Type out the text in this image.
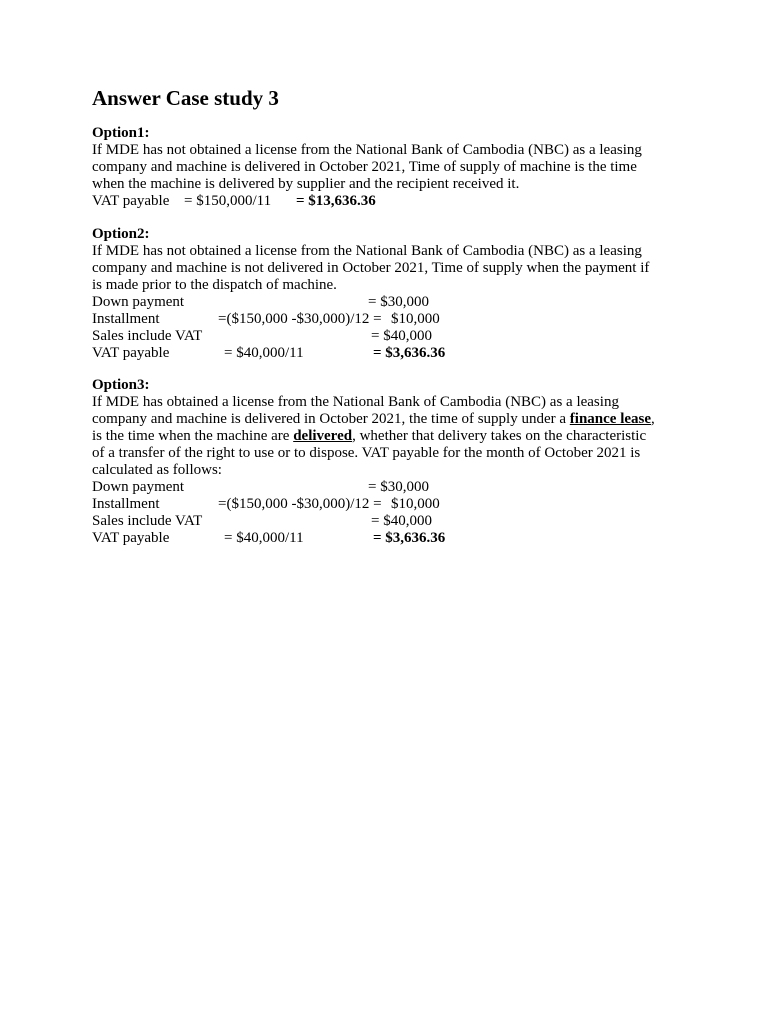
Answer Case study 3

Option1:

If MDE has not obtained a license from the National Bank of Cambodia (NBC) as a leasing

company and machine is delivered in October 2021, Time of supply of machine is the time

when the machine is delivered by supplier and the recipient received it.

VAT payable = $150,000/11 = $13,636.36

Option2:

If MDE has not obtained a license from the National Bank of Cambodia (NBC) as a leasing

company and machine is not delivered in October 2021, Time of supply when the payment if

is made prior to the dispatch of machine.

Down payment	= $30,000
Installment	=($150,000 -$30,000)/12 = $10,000
Sales include VAT	= $40,000
VAT payable	= $40,000/11	= $3,636.36

Option3:

If MDE has obtained a license from the National Bank of Cambodia (NBC) as a leasing

company and machine is delivered in October 2021, the time of supply under a finance lease,

is the time when the machine are delivered, whether that delivery takes on the characteristic

of a transfer of the right to use or to dispose. VAT payable for the month of October 2021 is

calculated as follows:

Down payment	= $30,000
Installment	=($150,000 -$30,000)/12 = $10,000
Sales include VAT	= $40,000
VAT payable	= $40,000/11	= $3,636.36
